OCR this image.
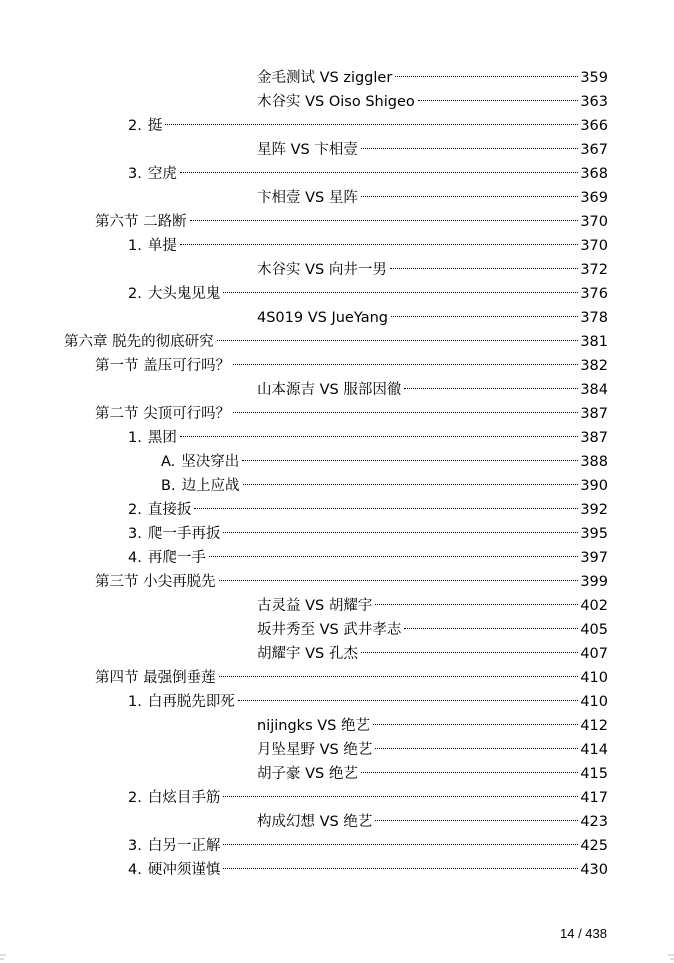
金毛测试 VS ziggler	359
木谷实 VS Oiso Shigeo	363
2. 挺	366
星阵 VS 卞相壹	367
3. 空虎	368
卞相壹 VS 星阵	369
第六节 二路断	370
1. 单提	370
木谷实 VS 向井一男	372
2. 大头鬼见鬼	376
4S019 VS JueYang	378
第六章 脱先的彻底研究	381
第一节 盖压可行吗？	382
山本源吉 VS 服部因徹	384
第二节 尖顶可行吗？	387
1. 黑团	387
A. 坚决穿出	388
B. 边上应战	390
2. 直接扳	392
3. 爬一手再扳	395
4. 再爬一手	397
第三节 小尖再脱先	399
古灵益 VS 胡耀宇	402
坂井秀至 VS 武井孝志	405
胡耀宇 VS 孔杰	407
第四节 最强倒垂莲	410
1. 白再脱先即死	410
nijingks VS 绝艺	412
月坠星野 VS 绝艺	414
胡子豪 VS 绝艺	415
2. 白炫目手筋	417
构成幻想 VS 绝艺	423
3. 白另一正解	425
4. 硬冲须谨慎	430
14 / 438
